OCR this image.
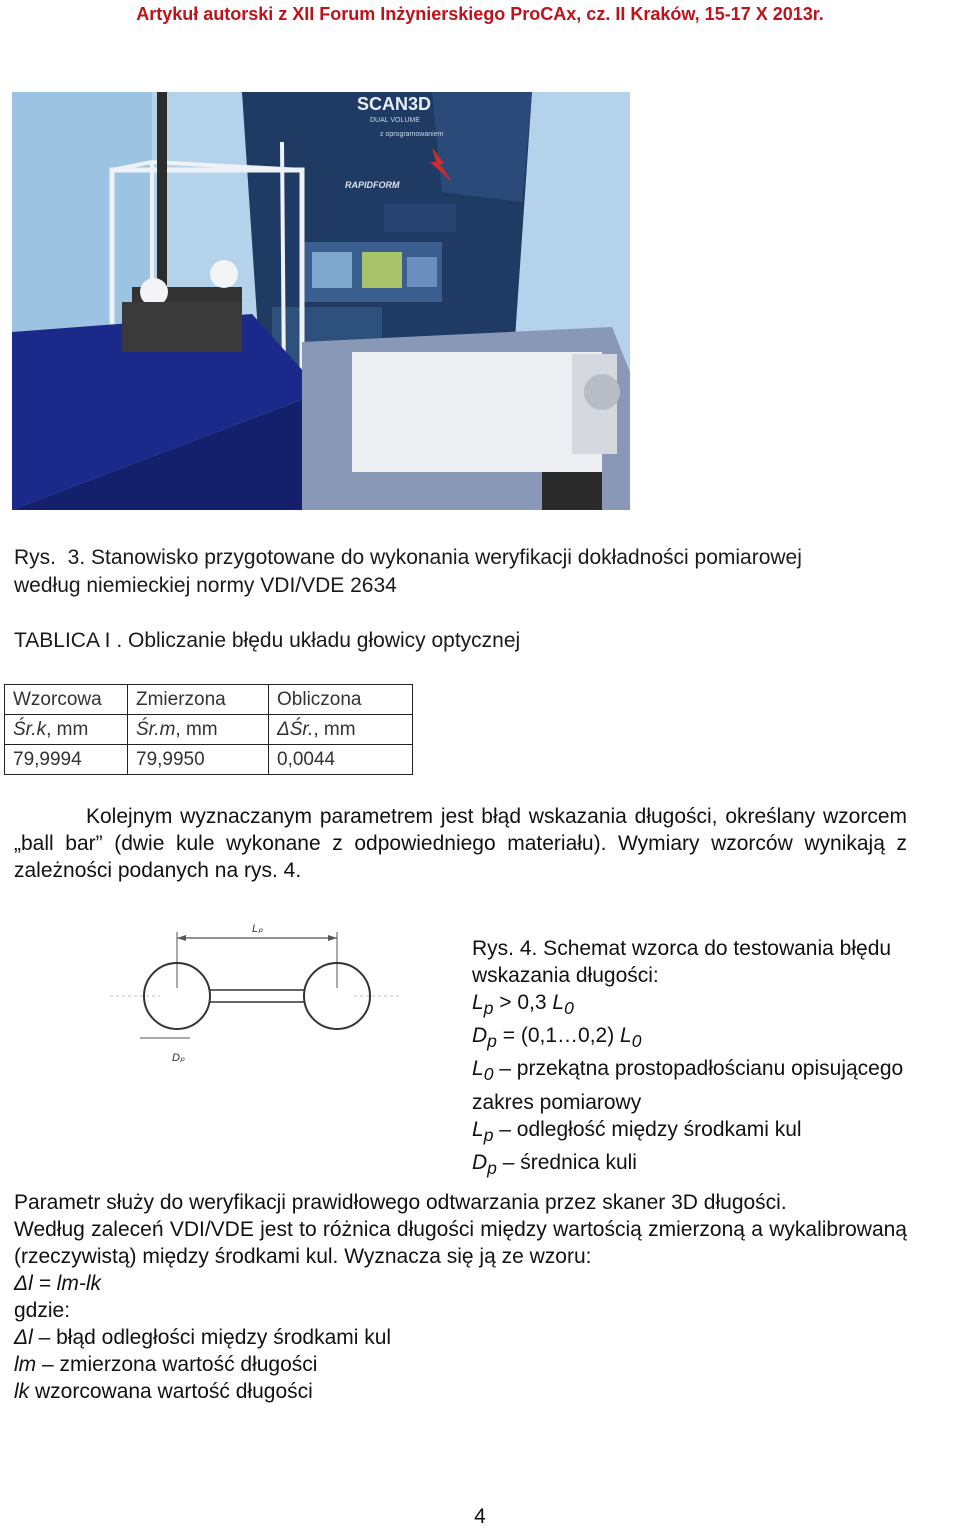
Artykuł autorski z XII Forum Inżynierskiego ProCAx, cz. II Kraków, 15-17 X 2013r.
SCAN3D
DUAL VOLUME
z oprogramowaniem
RAPIDFORM
Rys. 3. Stanowisko przygotowane do wykonania weryfikacji dokładności pomiarowej
według niemieckiej normy VDI/VDE 2634
TABLICA I . Obliczanie błędu układu głowicy optycznej
Wzorcowa	Zmierzona	Obliczona
Śr.k, mm	Śr.m, mm	ΔŚr., mm
79,9994	79,9950	0,0044
Kolejnym wyznaczanym parametrem jest błąd wskazania długości, określany wzorcem „ball bar” (dwie kule wykonane z odpowiedniego materiału). Wymiary wzorców wynikają z zależności podanych na rys. 4.
Lₚ
Dₚ
Rys. 4. Schemat wzorca do testowania błędu
wskazania długości:
$L_p > 0,3$ $L_0$
$D_p$ = (0,1…0,2) $L_0$
$L_0$ – przekątna prostopadłościanu opisującego
zakres pomiarowy
$L_p$ – odległość między środkami kul
$D_p$ – średnica kuli
Parametr służy do weryfikacji prawidłowego odtwarzania przez skaner 3D długości.
Według zaleceń VDI/VDE jest to różnica długości między wartością zmierzoną a wykalibrowaną (rzeczywistą) między środkami kul. Wyznacza się ją ze wzoru:
Δl = lm-lk
gdzie:
Δl – błąd odległości między środkami kul
lm – zmierzona wartość długości
lk wzorcowana wartość długości
4
